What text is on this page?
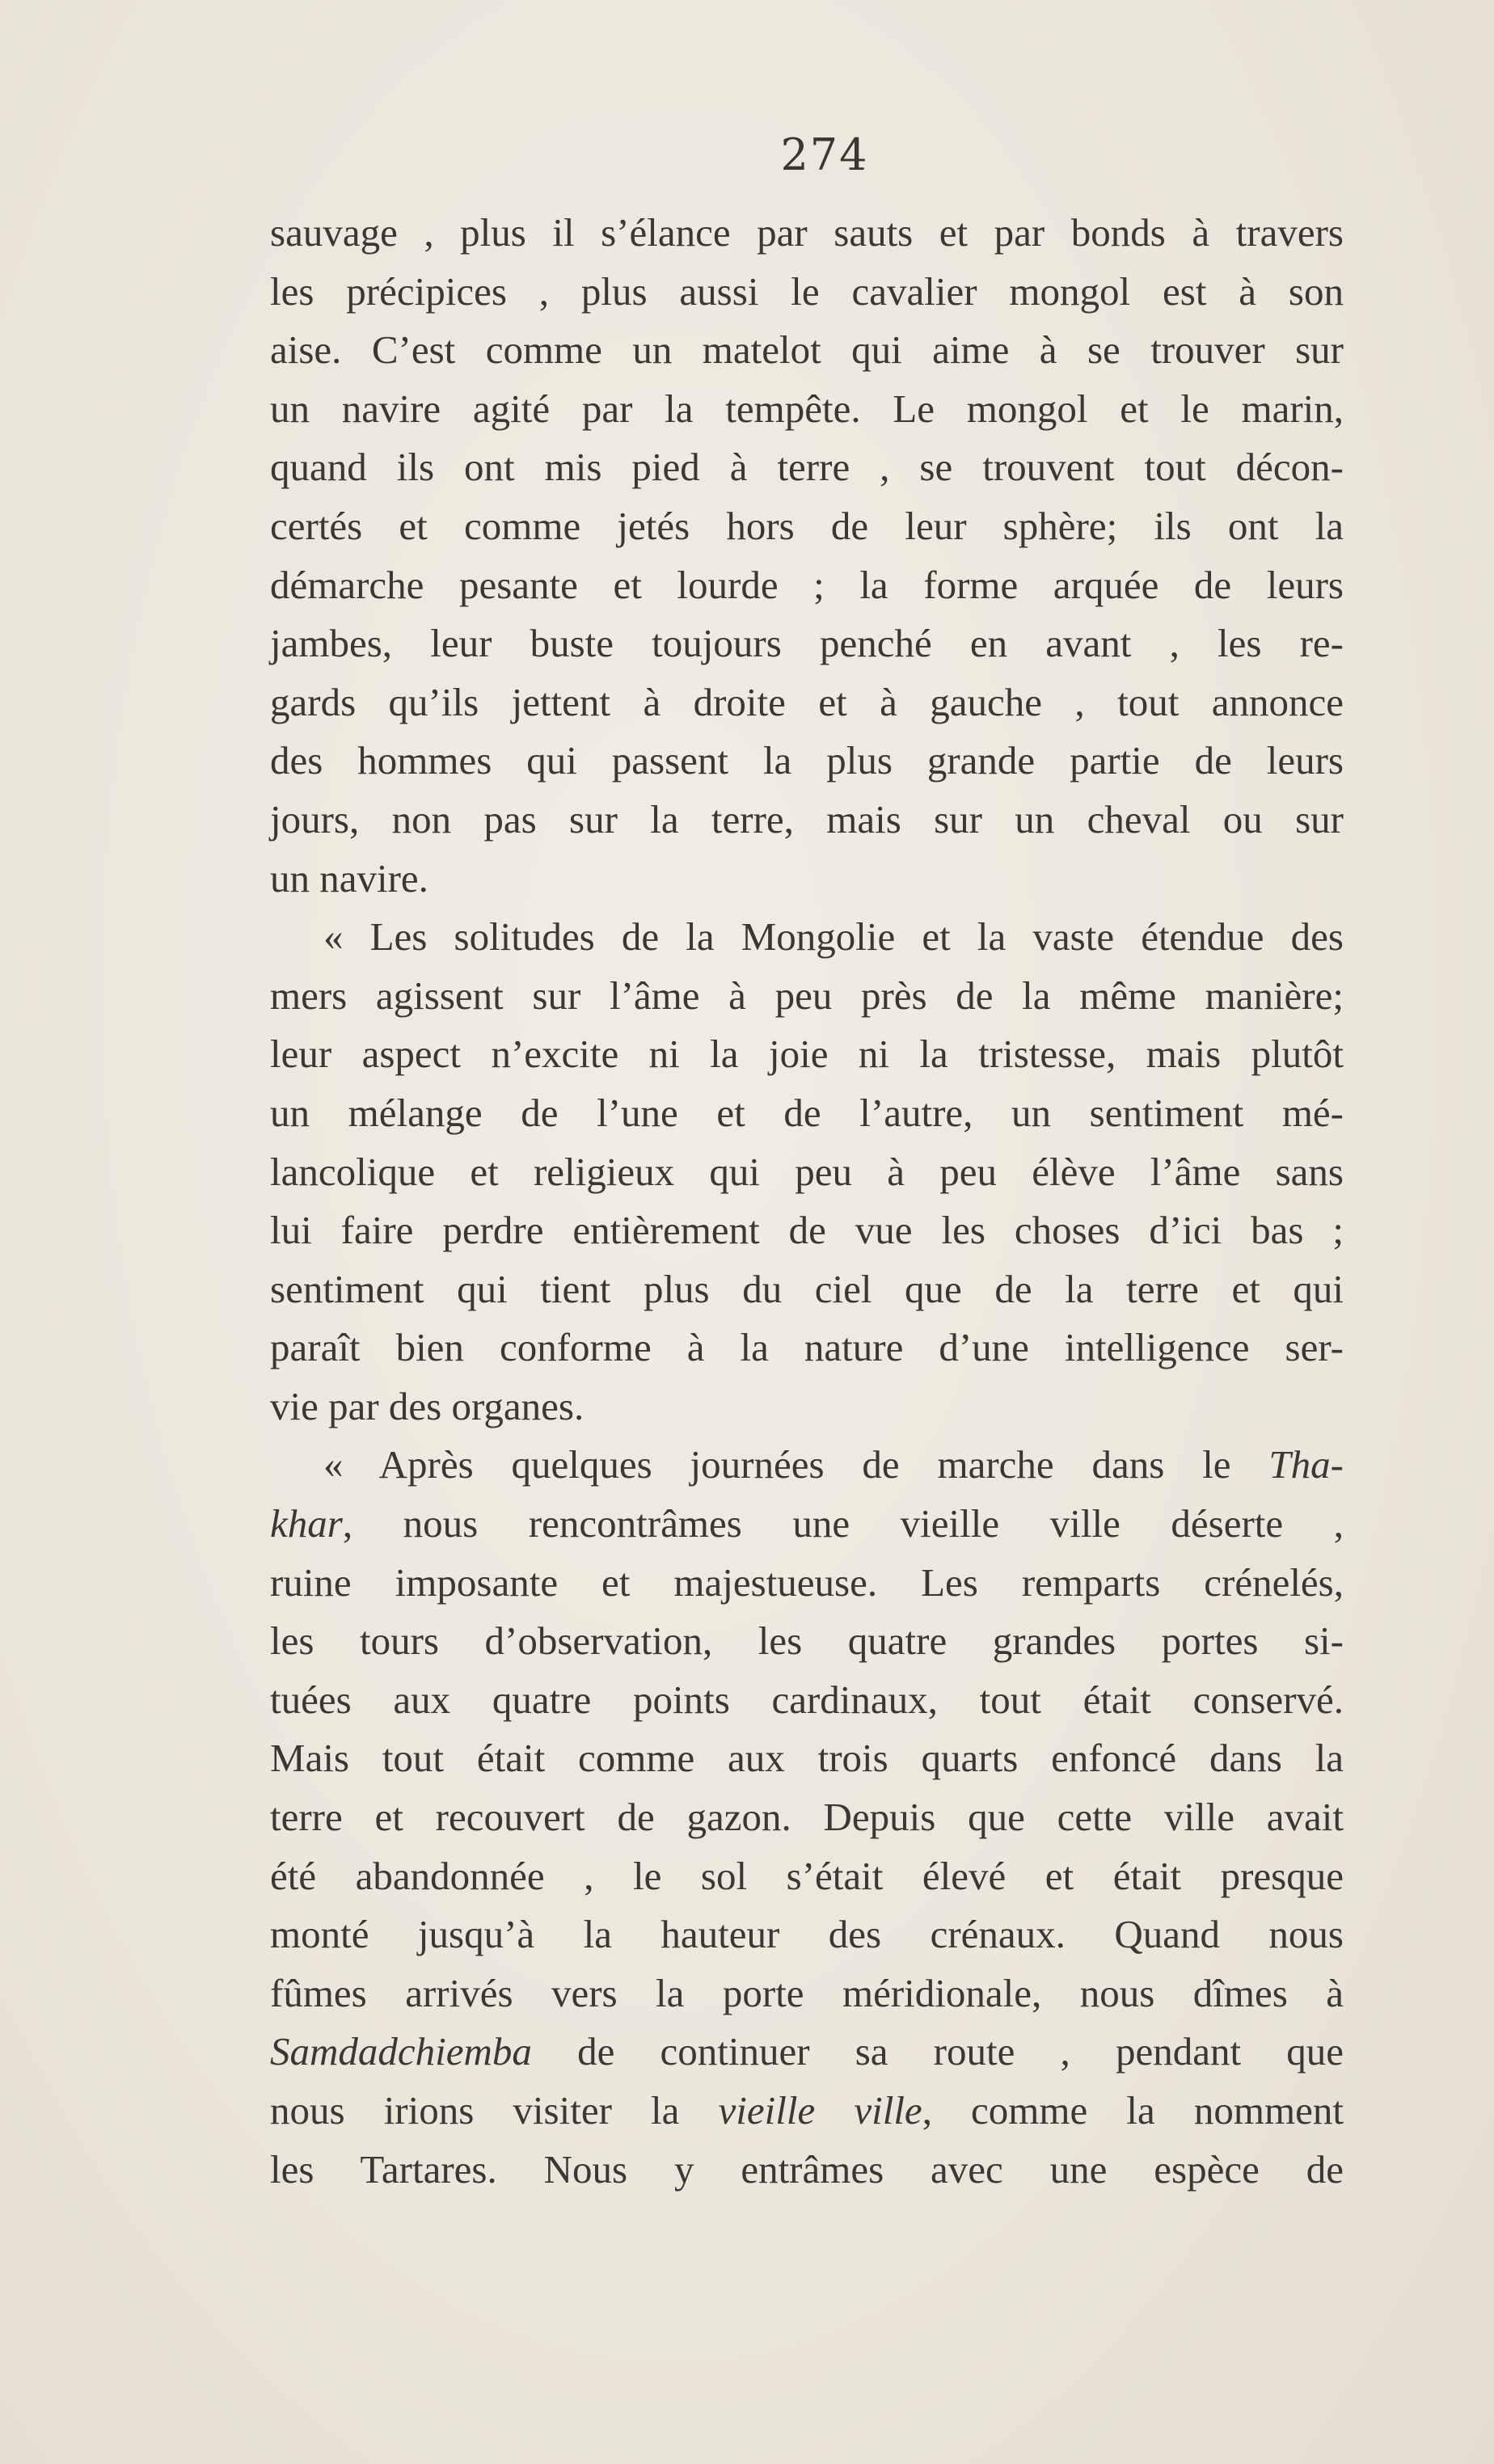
274
sauvage , plus il s’élance par sauts et par bonds à travers
les précipices , plus aussi le cavalier mongol est à son
aise. C’est comme un matelot qui aime à se trouver sur
un navire agité par la tempête. Le mongol et le marin,
quand ils ont mis pied à terre , se trouvent tout décon-
certés et comme jetés hors de leur sphère; ils ont la
démarche pesante et lourde ; la forme arquée de leurs
jambes, leur buste toujours penché en avant , les re-
gards qu’ils jettent à droite et à gauche , tout annonce
des hommes qui passent la plus grande partie de leurs
jours, non pas sur la terre, mais sur un cheval ou sur
un navire.
« Les solitudes de la Mongolie et la vaste étendue des
mers agissent sur l’âme à peu près de la même manière;
leur aspect n’excite ni la joie ni la tristesse, mais plutôt
un mélange de l’une et de l’autre, un sentiment mé-
lancolique et religieux qui peu à peu élève l’âme sans
lui faire perdre entièrement de vue les choses d’ici bas ;
sentiment qui tient plus du ciel que de la terre et qui
paraît bien conforme à la nature d’une intelligence ser-
vie par des organes.
« Après quelques journées de marche dans le Tha-
khar, nous rencontrâmes une vieille ville déserte ,
ruine imposante et majestueuse. Les remparts crénelés,
les tours d’observation, les quatre grandes portes si-
tuées aux quatre points cardinaux, tout était conservé.
Mais tout était comme aux trois quarts enfoncé dans la
terre et recouvert de gazon. Depuis que cette ville avait
été abandonnée , le sol s’était élevé et était presque
monté jusqu’à la hauteur des crénaux. Quand nous
fûmes arrivés vers la porte méridionale, nous dîmes à
Samdadchiemba de continuer sa route , pendant que
nous irions visiter la vieille ville, comme la nomment
les Tartares. Nous y entrâmes avec une espèce de
